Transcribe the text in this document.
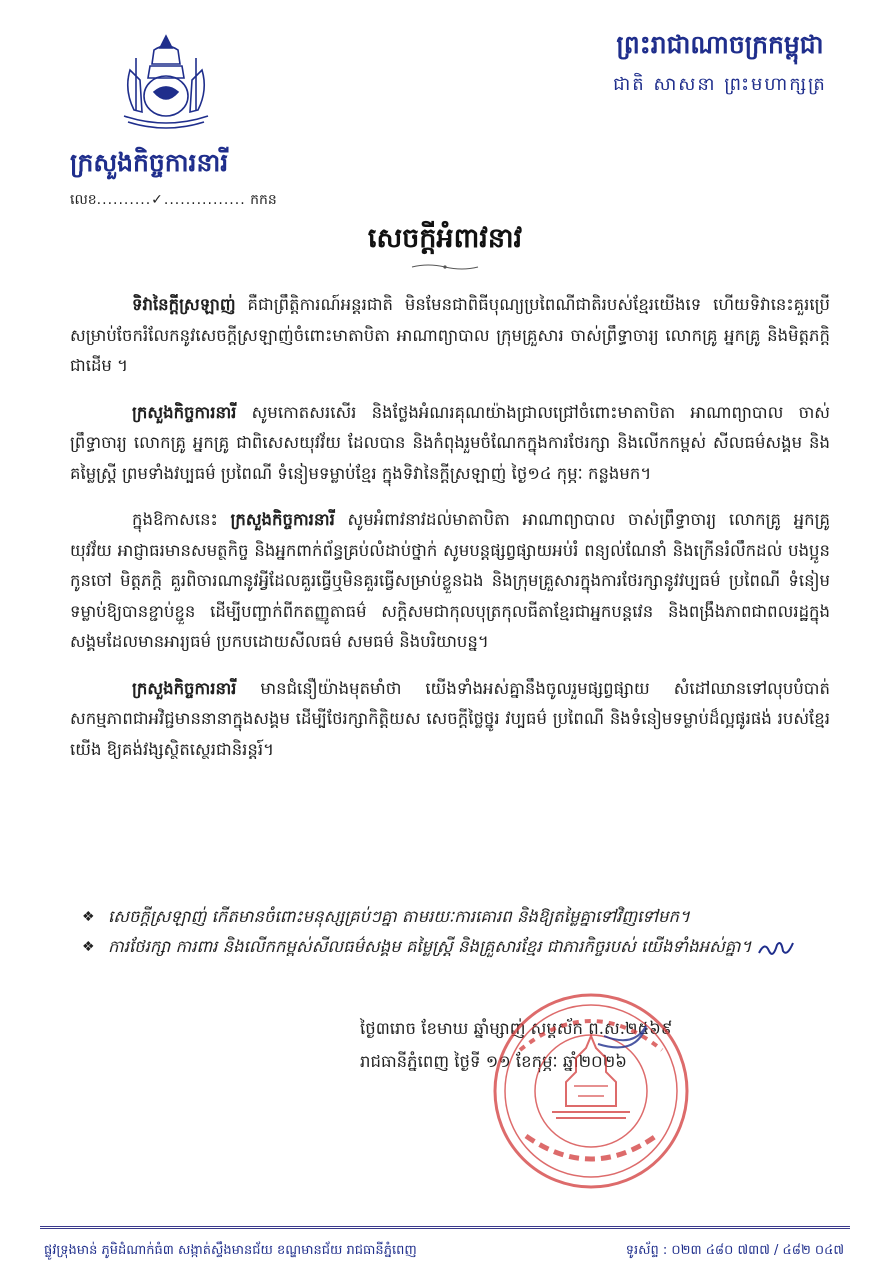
ក្រសួងកិច្ចការនារី
លេខ..........✓............... កកន
ព្រះរាជាណាចក្រកម្ពុជា
ជាតិ សាសនា ព្រះមហាក្សត្រ
សេចក្តីអំពាវនាវ

ទិវានៃក្តីស្រឡាញ់ គឺជាព្រឹត្តិការណ៍អន្តរជាតិ មិនមែនជាពិធីបុណ្យប្រពៃណីជាតិរបស់ខ្មែរយើងទេ ហើយទិវានេះគួរប្រើសម្រាប់ចែករំលែកនូវសេចក្តីស្រឡាញ់ចំពោះមាតាបិតា អាណាព្យាបាល ក្រុមគ្រួសារ ចាស់ព្រឹទ្ធាចារ្យ លោកគ្រូ អ្នកគ្រូ និងមិត្តភក្តិជាដើម ។

ក្រសួងកិច្ចការនារី សូមកោតសរសើរ និងថ្លែងអំណរគុណយ៉ាងជ្រាលជ្រៅចំពោះមាតាបិតា អាណាព្យាបាល ចាស់ព្រឹទ្ធាចារ្យ លោកគ្រូ អ្នកគ្រូ ជាពិសេសយុវវ័យ ដែលបាន និងកំពុងរួមចំណែកក្នុងការថែរក្សា និងលើកកម្ពស់ សីលធម៌សង្គម និងគម្លៃស្ត្រី ព្រមទាំងវប្បធម៌ ប្រពៃណី ទំនៀមទម្លាប់ខ្មែរ ក្នុងទិវានៃក្តីស្រឡាញ់ ថ្ងៃ១៤ កុម្ភៈ កន្លងមក។

ក្នុងឱកាសនេះ ក្រសួងកិច្ចការនារី សូមអំពាវនាវដល់មាតាបិតា អាណាព្យាបាល ចាស់ព្រឹទ្ធាចារ្យ លោកគ្រូ អ្នកគ្រូ យុវវ័យ អាជ្ញាធរមានសមត្ថកិច្ច និងអ្នកពាក់ព័ន្ធគ្រប់លំដាប់ថ្នាក់ សូមបន្តផ្សព្វផ្សាយអប់រំ ពន្យល់ណែនាំ និងក្រើនរំលឹកដល់ បងប្អូន កូនចៅ មិត្តភក្តិ គួរពិចារណានូវអ្វីដែលគួរធ្វើឬមិនគួរធ្វើសម្រាប់ខ្លួនឯង និងក្រុមគ្រួសារក្នុងការថែរក្សានូវវប្បធម៌ ប្រពៃណី ទំនៀមទម្លាប់ឱ្យបានខ្ជាប់ខ្ជួន ដើម្បីបញ្ជាក់ពីកតញ្ញូតាធម៌ សក្តិសមជាកុលបុត្រកុលធីតាខ្មែរជាអ្នកបន្តវេន និងពង្រឹងភាពជាពលរដ្ឋក្នុងសង្គមដែលមានអារ្យធម៌ ប្រកបដោយសីលធម៌ សមធម៌ និងបរិយាបន្ន។

ក្រសួងកិច្ចការនារី មានជំនឿយ៉ាងមុតមាំថា យើងទាំងអស់គ្នានឹងចូលរួមផ្សព្វផ្សាយ សំដៅឈានទៅលុបបំបាត់សកម្មភាពជាអវិជ្ជមាននានាក្នុងសង្គម ដើម្បីថែរក្សាកិត្តិយស សេចក្តីថ្លៃថ្នូរ វប្បធម៌ ប្រពៃណី និងទំនៀមទម្លាប់ដ៏ល្អផូរផង់ របស់ខ្មែរយើង ឱ្យគង់វង្សស្ថិតស្ថេរជានិរន្តរ៍។

❖ សេចក្តីស្រឡាញ់ កើតមានចំពោះមនុស្សគ្រប់ៗគ្នា តាមរយៈការគោរព និងឱ្យតម្លៃគ្នាទៅវិញទៅមក។
❖ ការថែរក្សា ការពារ និងលើកកម្ពស់សីលធម៌សង្គម គម្លៃស្ត្រី និងគ្រួសារខ្មែរ ជាភារកិច្ចរបស់ យើងទាំងអស់គ្នា។
ថ្ងៃ៣រោច ខែមាឃ ឆ្នាំម្សាញ់ សប្តស័ក ព.ស.២៥៦៩
រាជធានីភ្នំពេញ ថ្ងៃទី ១១ ខែកុម្ភៈ ឆ្នាំ២០២៦
ផ្លូវទ្រុងមាន់ ភូមិដំណាក់ធំ៣ សង្កាត់ស្ទឹងមានជ័យ ខណ្ឌមានជ័យ រាជធានីភ្នំពេញ	ទូរស័ព្ទ : ០២៣ ៤៨០ ៧៣៧ / ៤៨២ ០៤៧
